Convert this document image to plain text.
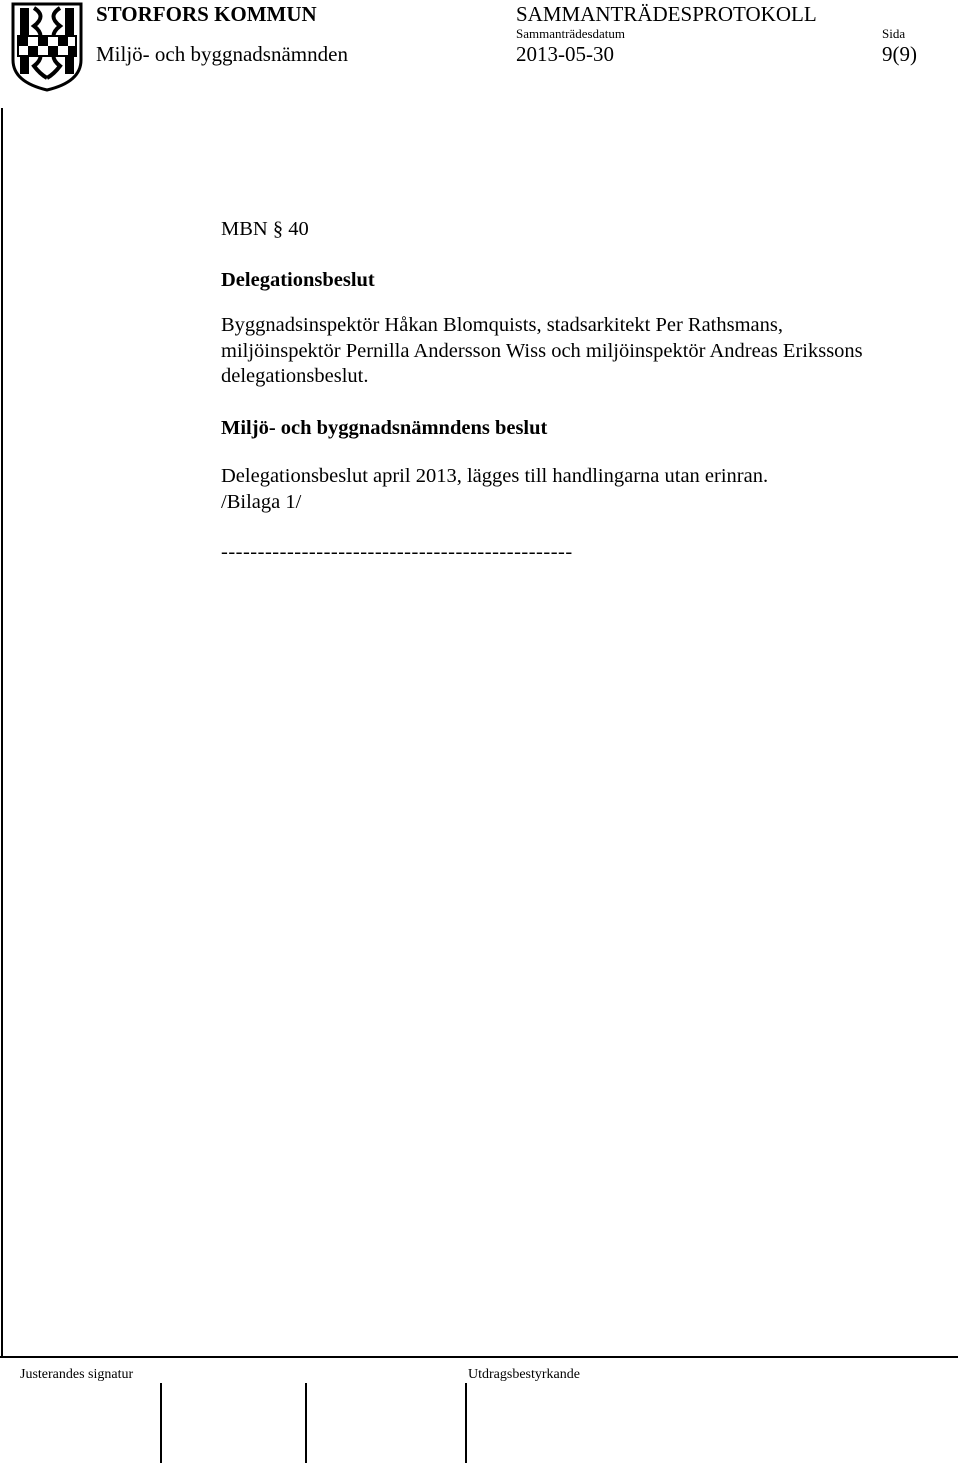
STORFORS KOMMUN
Miljö- och byggnadsnämnden
SAMMANTRÄDESPROTOKOLL
Sammanträdesdatum
2013-05-30
Sida
9(9)

MBN § 40

Delegationsbeslut

Byggnadsinspektör Håkan Blomquists, stadsarkitekt Per Rathsmans,

miljöinspektör Pernilla Andersson Wiss och miljöinspektör Andreas Erikssons

delegationsbeslut.

Miljö- och byggnadsnämndens beslut

Delegationsbeslut april 2013, lägges till handlingarna utan erinran.

/Bilaga 1/

------------------------------------------------

Justerandes signatur	Utdragsbestyrkande
